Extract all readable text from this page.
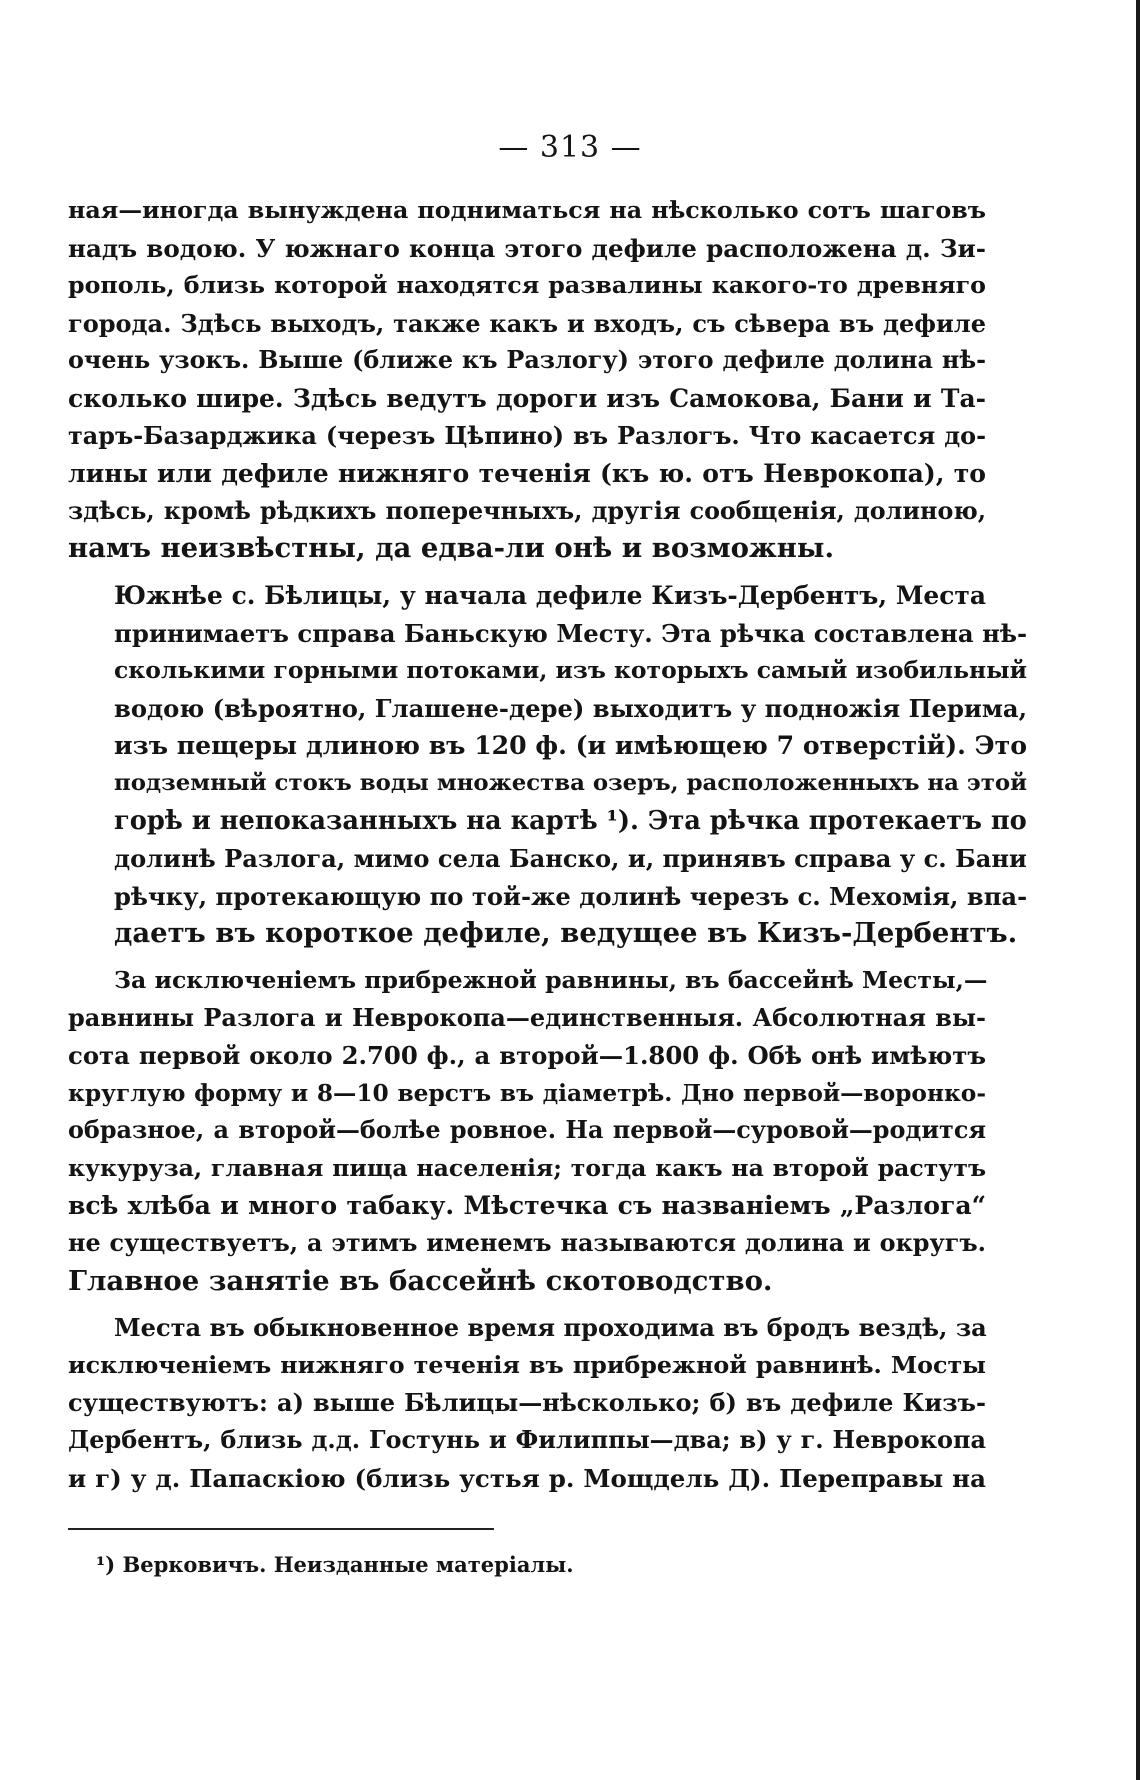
— 313 —
ная—иногда вынуждена подниматься на нѣсколько сотъ шаговъ
надъ водою. У южнаго конца этого дефиле расположена д. Зи-
рополь, близь которой находятся развалины какого-то древняго
города. Здѣсь выходъ, также какъ и входъ, съ сѣвера въ дефиле
очень узокъ. Выше (ближе къ Разлогу) этого дефиле долина нѣ-
сколько шире. Здѣсь ведутъ дороги изъ Самокова, Бани и Та-
таръ-Базарджика (черезъ Цѣпино) въ Разлогъ. Что касается до-
лины или дефиле нижняго теченія (къ ю. отъ Неврокопа), то
здѣсь, кромѣ рѣдкихъ поперечныхъ, другія сообщенія, долиною,
намъ неизвѣстны, да едва-ли онѣ и возможны.
Южнѣе с. Бѣлицы, у начала дефиле Кизъ-Дербентъ, Места
принимаетъ справа Баньскую Месту. Эта рѣчка составлена нѣ-
сколькими горными потоками, изъ которыхъ самый изобильный
водою (вѣроятно, Глашене-дере) выходитъ у подножія Перима,
изъ пещеры длиною въ 120 ф. (и имѣющею 7 отверстій). Это
подземный стокъ воды множества озеръ, расположенныхъ на этой
горѣ и непоказанныхъ на картѣ ¹). Эта рѣчка протекаетъ по
долинѣ Разлога, мимо села Банско, и, принявъ справа у с. Бани
рѣчку, протекающую по той-же долинѣ черезъ с. Мехомія, впа-
даетъ въ короткое дефиле, ведущее въ Кизъ-Дербентъ.
За исключеніемъ прибрежной равнины, въ бассейнѣ Месты,—
равнины Разлога и Неврокопа—единственныя. Абсолютная вы-
сота первой около 2.700 ф., а второй—1.800 ф. Обѣ онѣ имѣютъ
круглую форму и 8—10 верстъ въ діаметрѣ. Дно первой—воронко-
образное, а второй—болѣе ровное. На первой—суровой—родится
кукуруза, главная пища населенія; тогда какъ на второй растутъ
всѣ хлѣба и много табаку. Мѣстечка съ названіемъ „Разлога“
не существуетъ, а этимъ именемъ называются долина и округъ.
Главное занятіе въ бассейнѣ скотоводство.
Места въ обыкновенное время проходима въ бродъ вездѣ, за
исключеніемъ нижняго теченія въ прибрежной равнинѣ. Мосты
существуютъ: а) выше Бѣлицы—нѣсколько; б) въ дефиле Кизъ-
Дербентъ, близь д.д. Гостунь и Филиппы—два; в) у г. Неврокопа
и г) у д. Папаскіою (близь устья р. Мощдель Д). Переправы на
¹) Верковичъ. Неизданные матеріалы.
